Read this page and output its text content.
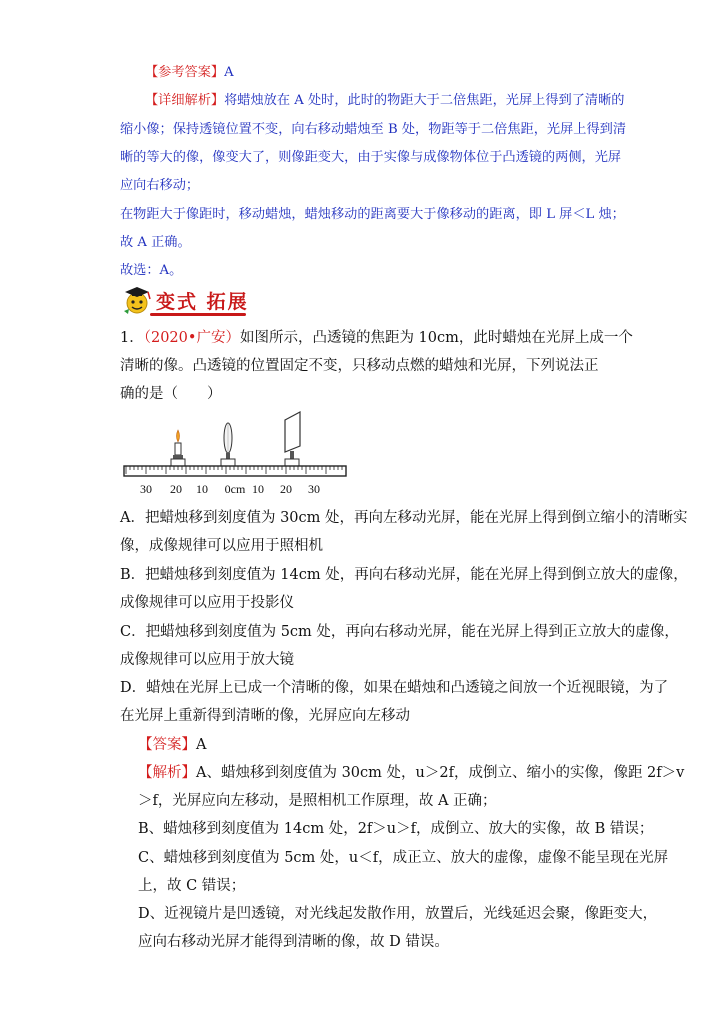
【参考答案】A
【详细解析】将蜡烛放在 A 处时，此时的物距大于二倍焦距，光屏上得到了清晰的
缩小像；保持透镜位置不变，向右移动蜡烛至 B 处，物距等于二倍焦距，光屏上得到清
晰的等大的像，像变大了，则像距变大，由于实像与成像物体位于凸透镜的两侧，光屏
应向右移动；
在物距大于像距时，移动蜡烛，蜡烛移动的距离要大于像移动的距离，即 L 屏＜L 烛；
故 A 正确。
故选：A。
变式 拓展
1．（2020•广安）如图所示，凸透镜的焦距为 10cm，此时蜡烛在光屏上成一个
清晰的像。凸透镜的位置固定不变，只移动点燃的蜡烛和光屏，下列说法正
确的是（　　）
30 20 10 0cm 10 20 30
A．把蜡烛移到刻度值为 30cm 处，再向左移动光屏，能在光屏上得到倒立缩小的清晰实
像，成像规律可以应用于照相机
B．把蜡烛移到刻度值为 14cm 处，再向右移动光屏，能在光屏上得到倒立放大的虚像，
成像规律可以应用于投影仪
C．把蜡烛移到刻度值为 5cm 处，再向右移动光屏，能在光屏上得到正立放大的虚像，
成像规律可以应用于放大镜
D．蜡烛在光屏上已成一个清晰的像，如果在蜡烛和凸透镜之间放一个近视眼镜，为了
在光屏上重新得到清晰的像，光屏应向左移动
【答案】A
【解析】A、蜡烛移到刻度值为 30cm 处，u＞2f，成倒立、缩小的实像，像距 2f＞v
＞f，光屏应向左移动，是照相机工作原理，故 A 正确；
B、蜡烛移到刻度值为 14cm 处，2f＞u＞f，成倒立、放大的实像，故 B 错误；
C、蜡烛移到刻度值为 5cm 处，u＜f，成正立、放大的虚像，虚像不能呈现在光屏
上，故 C 错误；
D、近视镜片是凹透镜，对光线起发散作用，放置后，光线延迟会聚，像距变大，
应向右移动光屏才能得到清晰的像，故 D 错误。
